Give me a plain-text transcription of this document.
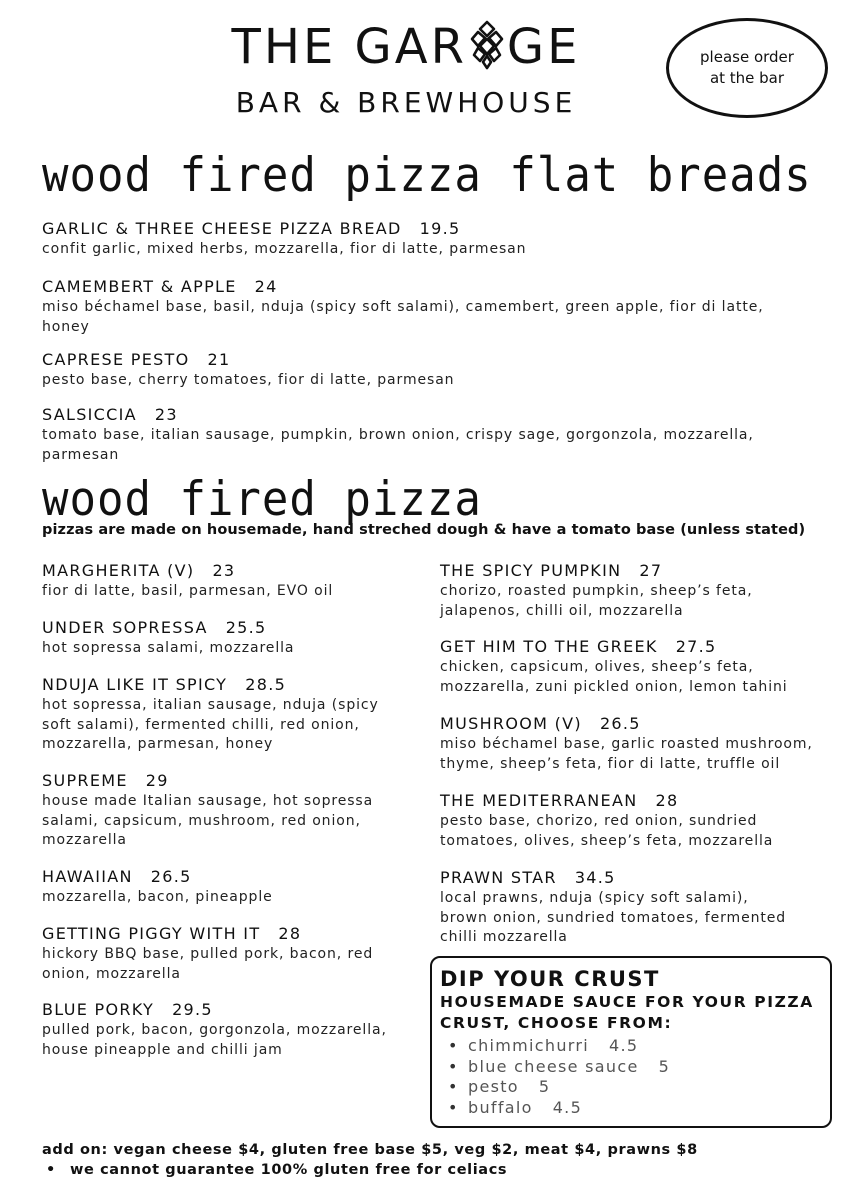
THE GAR GE
BAR & BREWHOUSE
please order
at the bar
wood fired pizza flat breads
GARLIC & THREE CHEESE PIZZA BREAD 19.5
confit garlic, mixed herbs, mozzarella, fior di latte, parmesan
CAMEMBERT & APPLE 24
miso béchamel base, basil, nduja (spicy soft salami), camembert, green apple, fior di latte,
honey
CAPRESE PESTO 21
pesto base, cherry tomatoes, fior di latte, parmesan
SALSICCIA 23
tomato base, italian sausage, pumpkin, brown onion, crispy sage, gorgonzola, mozzarella,
parmesan
wood fired pizza
pizzas are made on housemade, hand streched dough & have a tomato base (unless stated)
MARGHERITA (V) 23
fior di latte, basil, parmesan, EVO oil
UNDER SOPRESSA 25.5
hot sopressa salami, mozzarella
NDUJA LIKE IT SPICY 28.5
hot sopressa, italian sausage, nduja (spicy
soft salami), fermented chilli, red onion,
mozzarella, parmesan, honey
SUPREME 29
house made Italian sausage, hot sopressa
salami, capsicum, mushroom, red onion,
mozzarella
HAWAIIAN 26.5
mozzarella, bacon, pineapple
GETTING PIGGY WITH IT 28
hickory BBQ base, pulled pork, bacon, red
onion, mozzarella
BLUE PORKY 29.5
pulled pork, bacon, gorgonzola, mozzarella,
house pineapple and chilli jam
THE SPICY PUMPKIN 27
chorizo, roasted pumpkin, sheep’s feta,
jalapenos, chilli oil, mozzarella
GET HIM TO THE GREEK 27.5
chicken, capsicum, olives, sheep’s feta,
mozzarella, zuni pickled onion, lemon tahini
MUSHROOM (V) 26.5
miso béchamel base, garlic roasted mushroom,
thyme, sheep’s feta, fior di latte, truffle oil
THE MEDITERRANEAN 28
pesto base, chorizo, red onion, sundried
tomatoes, olives, sheep’s feta, mozzarella
PRAWN STAR 34.5
local prawns, nduja (spicy soft salami),
brown onion, sundried tomatoes, fermented
chilli mozzarella
DIP YOUR CRUST
HOUSEMADE SAUCE FOR YOUR PIZZA
CRUST, CHOOSE FROM:
• chimmichurri 4.5
• blue cheese sauce 5
• pesto 5
• buffalo 4.5
add on: vegan cheese $4, gluten free base $5, veg $2, meat $4, prawns $8
• we cannot guarantee 100% gluten free for celiacs
